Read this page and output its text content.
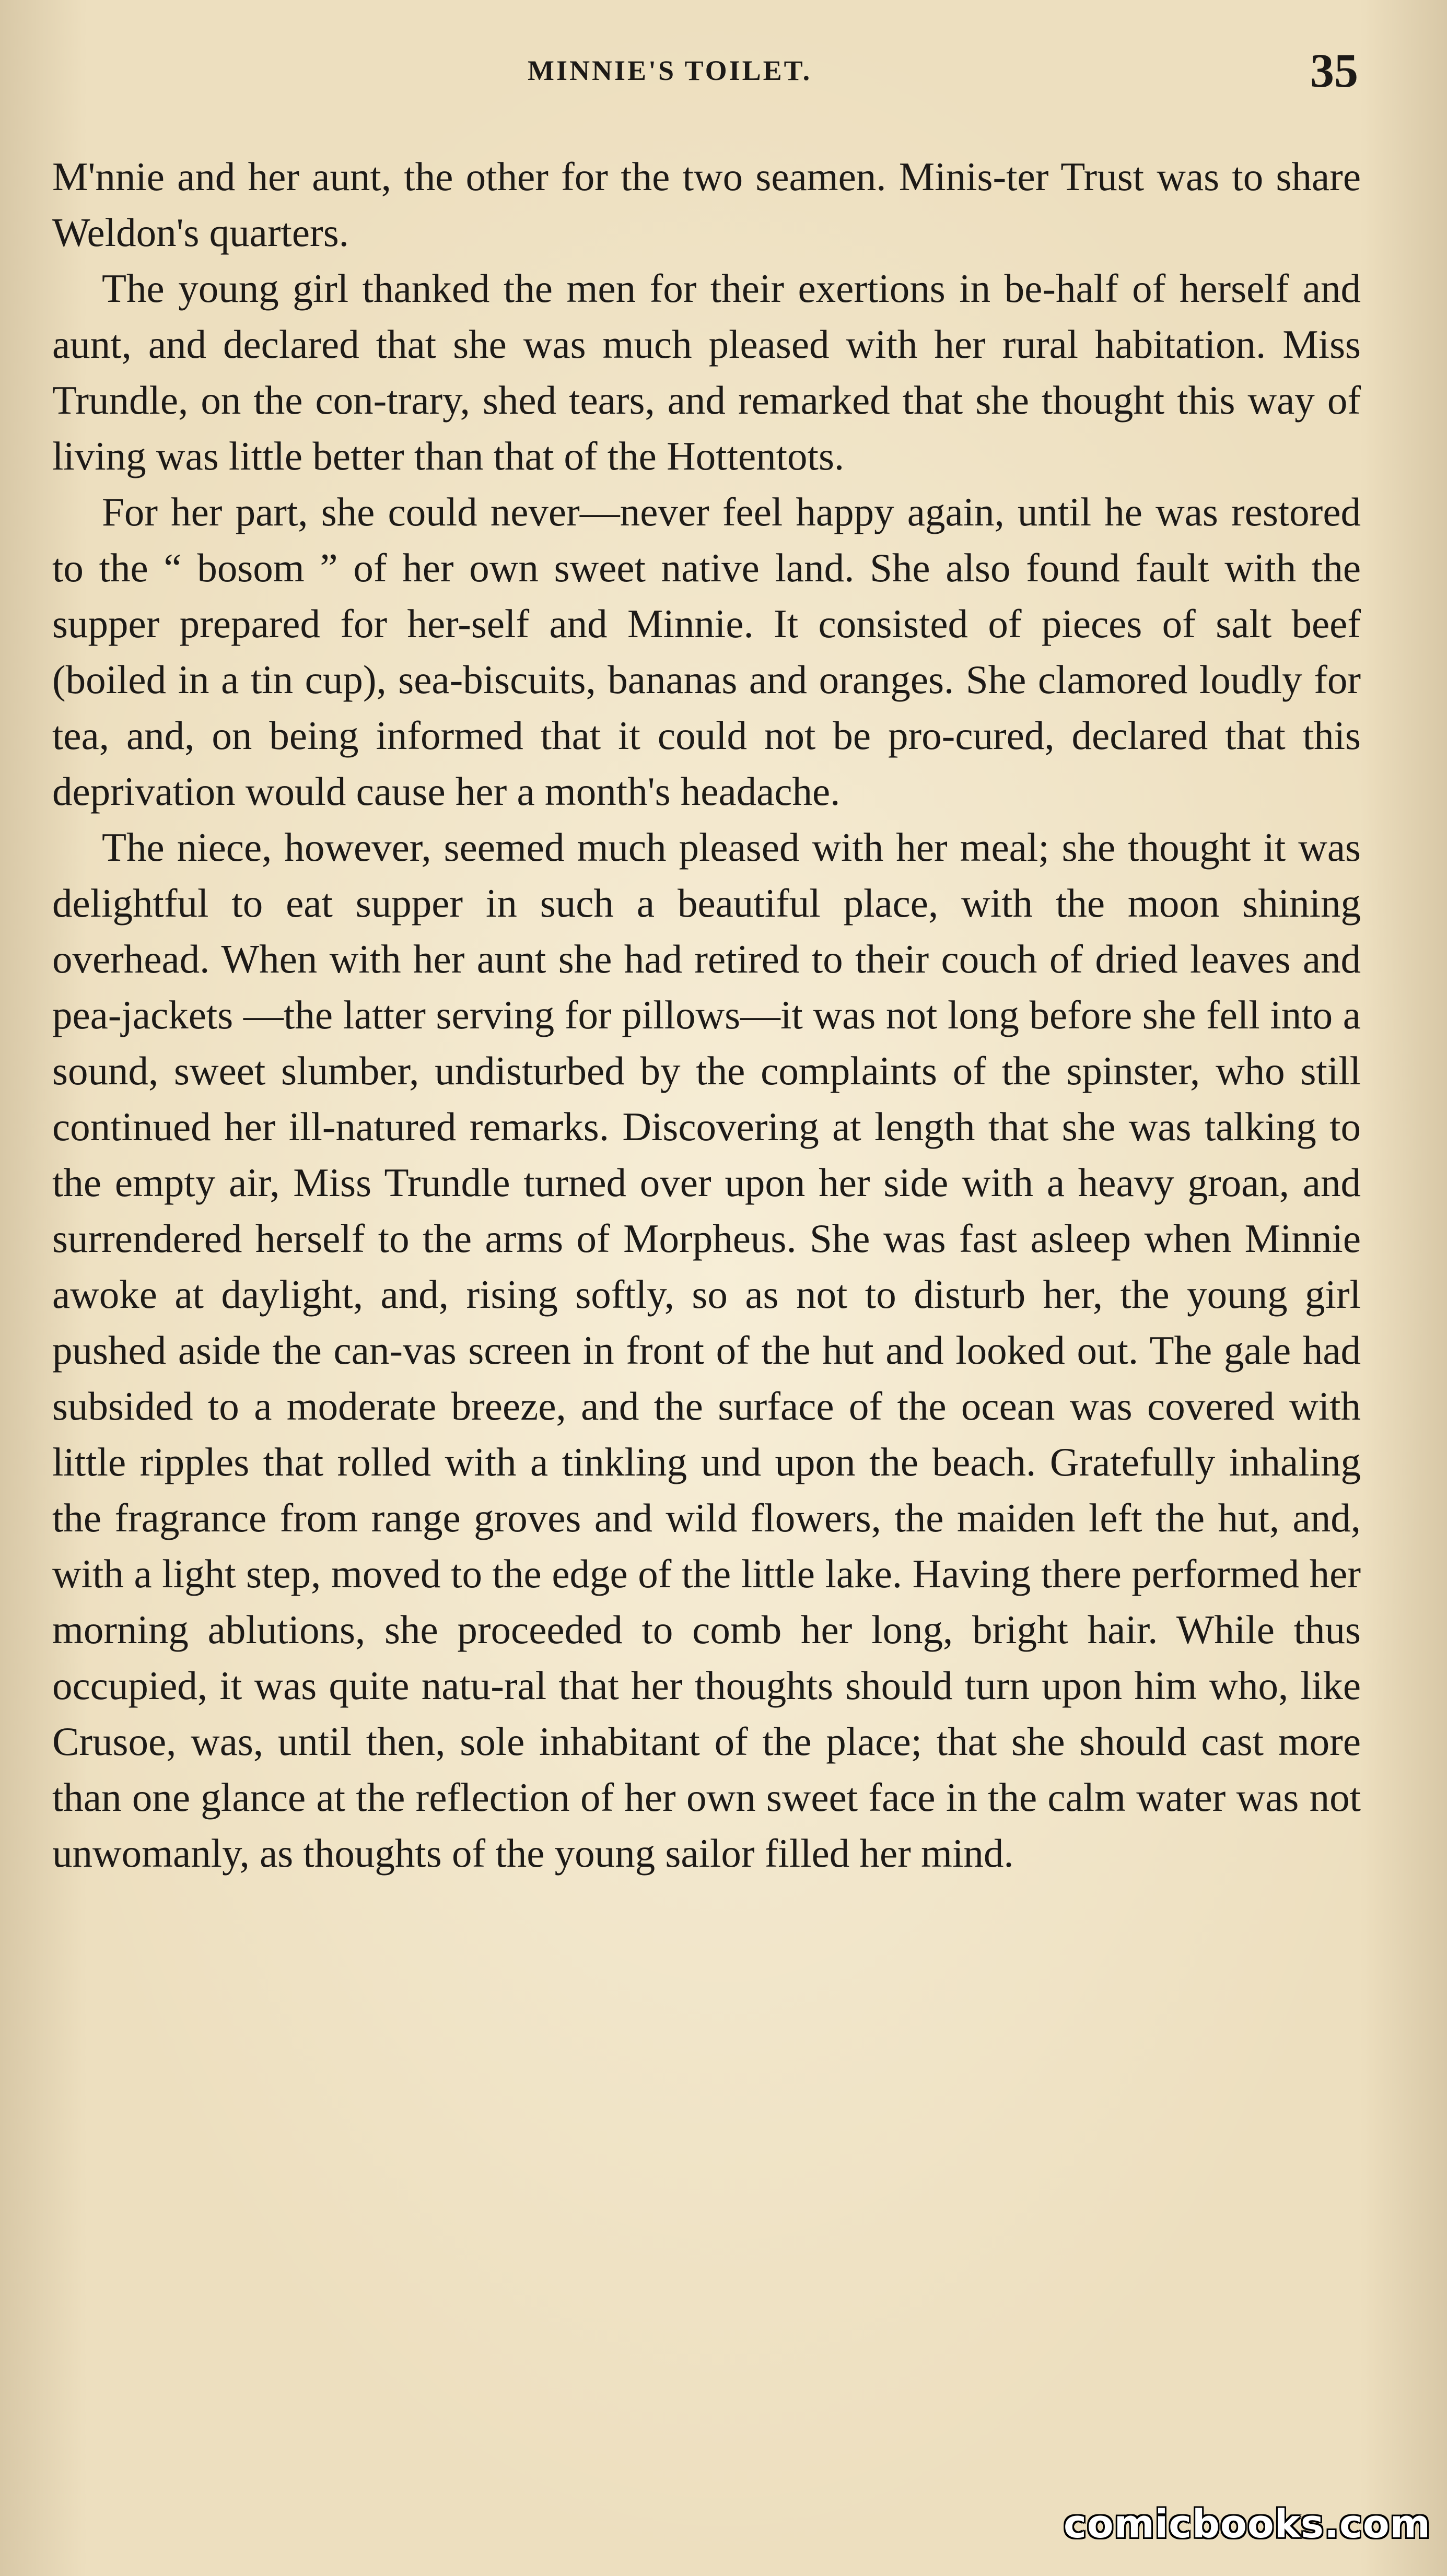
MINNIE'S TOILET.	35

M'nnie and her aunt, the other for the two seamen. Minis-ter Trust was to share Weldon's quarters.

The young girl thanked the men for their exertions in be-half of herself and aunt, and declared that she was much pleased with her rural habitation. Miss Trundle, on the con-trary, shed tears, and remarked that she thought this way of living was little better than that of the Hottentots.

For her part, she could never—never feel happy again, until he was restored to the “ bosom ” of her own sweet native land. She also found fault with the supper prepared for her-self and Minnie. It consisted of pieces of salt beef (boiled in a tin cup), sea-biscuits, bananas and oranges. She clamored loudly for tea, and, on being informed that it could not be pro-cured, declared that this deprivation would cause her a month's headache.

The niece, however, seemed much pleased with her meal; she thought it was delightful to eat supper in such a beautiful place, with the moon shining overhead. When with her aunt she had retired to their couch of dried leaves and pea-jackets —the latter serving for pillows—it was not long before she fell into a sound, sweet slumber, undisturbed by the complaints of the spinster, who still continued her ill-natured remarks. Discovering at length that she was talking to the empty air, Miss Trundle turned over upon her side with a heavy groan, and surrendered herself to the arms of Morpheus. She was fast asleep when Minnie awoke at daylight, and, rising softly, so as not to disturb her, the young girl pushed aside the can-vas screen in front of the hut and looked out. The gale had subsided to a moderate breeze, and the surface of the ocean was covered with little ripples that rolled with a tinkling und upon the beach. Gratefully inhaling the fragrance from range groves and wild flowers, the maiden left the hut, and, with a light step, moved to the edge of the little lake. Having there performed her morning ablutions, she proceeded to comb her long, bright hair. While thus occupied, it was quite natu-ral that her thoughts should turn upon him who, like Crusoe, was, until then, sole inhabitant of the place; that she should cast more than one glance at the reflection of her own sweet face in the calm water was not unwomanly, as thoughts of the young sailor filled her mind.

comicbooks.com
